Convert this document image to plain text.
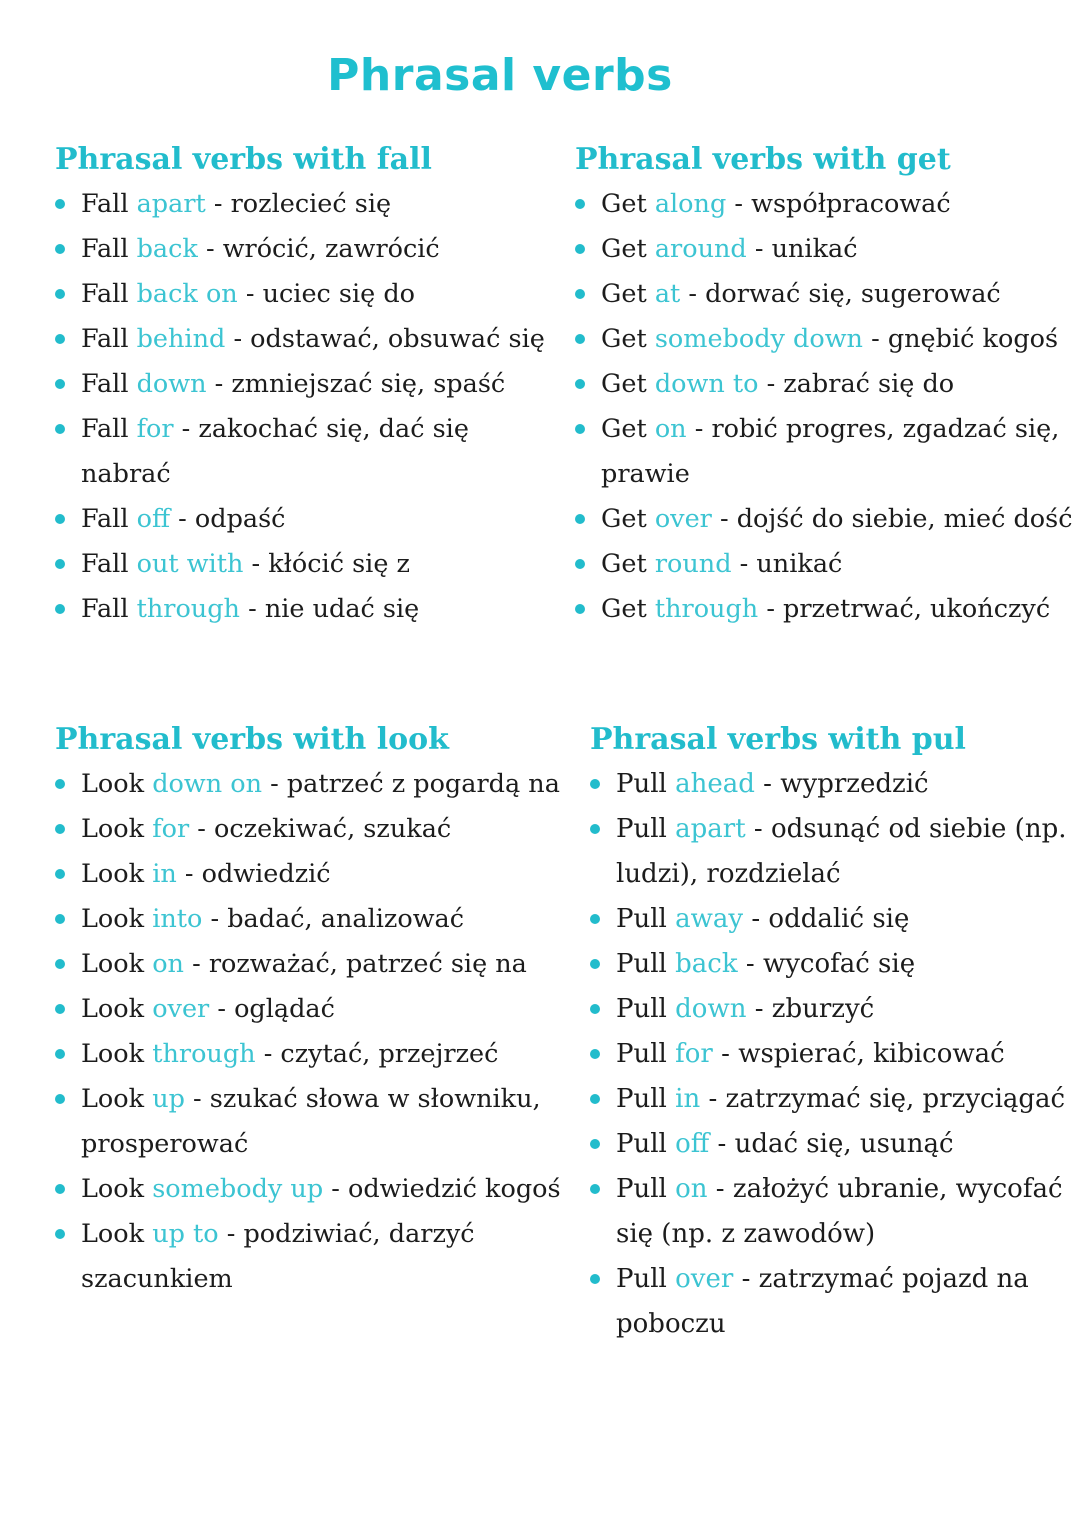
Phrasal verbs
Phrasal verbs with fall
Fall apart - rozlecieć się
Fall back - wrócić, zawrócić
Fall back on - uciec się do
Fall behind - odstawać, obsuwać się
Fall down - zmniejszać się, spaść
Fall for - zakochać się, dać się nabrać
Fall off - odpaść
Fall out with - kłócić się z
Fall through - nie udać się
Phrasal verbs with get
Get along - współpracować
Get around - unikać
Get at - dorwać się, sugerować
Get somebody down - gnębić kogoś
Get down to - zabrać się do
Get on - robić progres, zgadzać się, prawie
Get over - dojść do siebie, mieć dość
Get round - unikać
Get through - przetrwać, ukończyć
Phrasal verbs with look
Look down on - patrzeć z pogardą na
Look for - oczekiwać, szukać
Look in - odwiedzić
Look into - badać, analizować
Look on - rozważać, patrzeć się na
Look over - oglądać
Look through - czytać, przejrzeć
Look up - szukać słowa w słowniku, prosperować
Look somebody up - odwiedzić kogoś
Look up to - podziwiać, darzyć szacunkiem
Phrasal verbs with pul
Pull ahead - wyprzedzić
Pull apart - odsunąć od siebie (np. ludzi), rozdzielać
Pull away - oddalić się
Pull back - wycofać się
Pull down - zburzyć
Pull for - wspierać, kibicować
Pull in - zatrzymać się, przyciągać
Pull off - udać się, usunąć
Pull on - założyć ubranie, wycofać się (np. z zawodów)
Pull over - zatrzymać pojazd na poboczu
